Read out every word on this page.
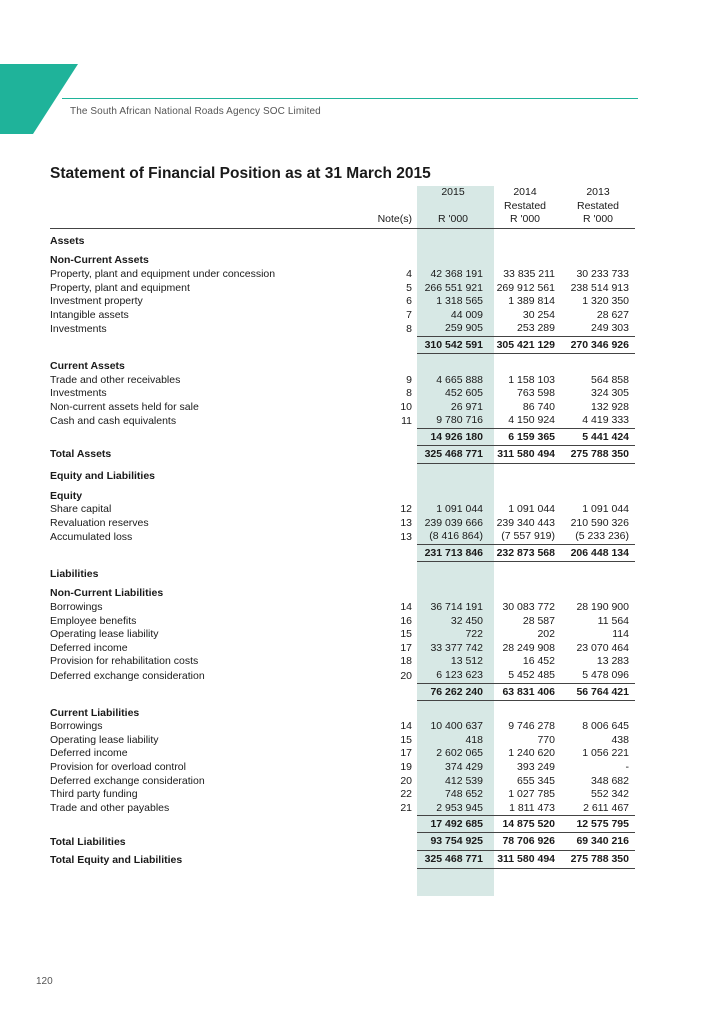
The South African National Roads Agency SOC Limited
Statement of Financial Position as at 31 March 2015
		2015	2014	2013
			Restated	Restated
	Note(s)	R '000	R '000	R '000

Assets				

Non-Current Assets				
Property, plant and equipment under concession	4	42 368 191	33 835 211	30 233 733
Property, plant and equipment	5	266 551 921	269 912 561	238 514 913
Investment property	6	1 318 565	1 389 814	1 320 350
Intangible assets	7	44 009	30 254	28 627
Investments	8	259 905	253 289	249 303
		310 542 591	305 421 129	270 346 926

Current Assets				
Trade and other receivables	9	4 665 888	1 158 103	564 858
Investments	8	452 605	763 598	324 305
Non-current assets held for sale	10	26 971	86 740	132 928
Cash and cash equivalents	11	9 780 716	4 150 924	4 419 333
		14 926 180	6 159 365	5 441 424
Total Assets		325 468 771	311 580 494	275 788 350

Equity and Liabilities				

Equity				
Share capital	12	1 091 044	1 091 044	1 091 044
Revaluation reserves	13	239 039 666	239 340 443	210 590 326
Accumulated loss	13	(8 416 864)	(7 557 919)	(5 233 236)
		231 713 846	232 873 568	206 448 134

Liabilities				

Non-Current Liabilities				
Borrowings	14	36 714 191	30 083 772	28 190 900
Employee benefits	16	32 450	28 587	11 564
Operating lease liability	15	722	202	114
Deferred income	17	33 377 742	28 249 908	23 070 464
Provision for rehabilitation costs	18	13 512	16 452	13 283
Deferred exchange consideration	20	6 123 623	5 452 485	5 478 096
		76 262 240	63 831 406	56 764 421

Current Liabilities				
Borrowings	14	10 400 637	9 746 278	8 006 645
Operating lease liability	15	418	770	438
Deferred income	17	2 602 065	1 240 620	1 056 221
Provision for overload control	19	374 429	393 249	-
Deferred exchange consideration	20	412 539	655 345	348 682
Third party funding	22	748 652	1 027 785	552 342
Trade and other payables	21	2 953 945	1 811 473	2 611 467
		17 492 685	14 875 520	12 575 795
Total Liabilities		93 754 925	78 706 926	69 340 216
Total Equity and Liabilities		325 468 771	311 580 494	275 788 350
120
